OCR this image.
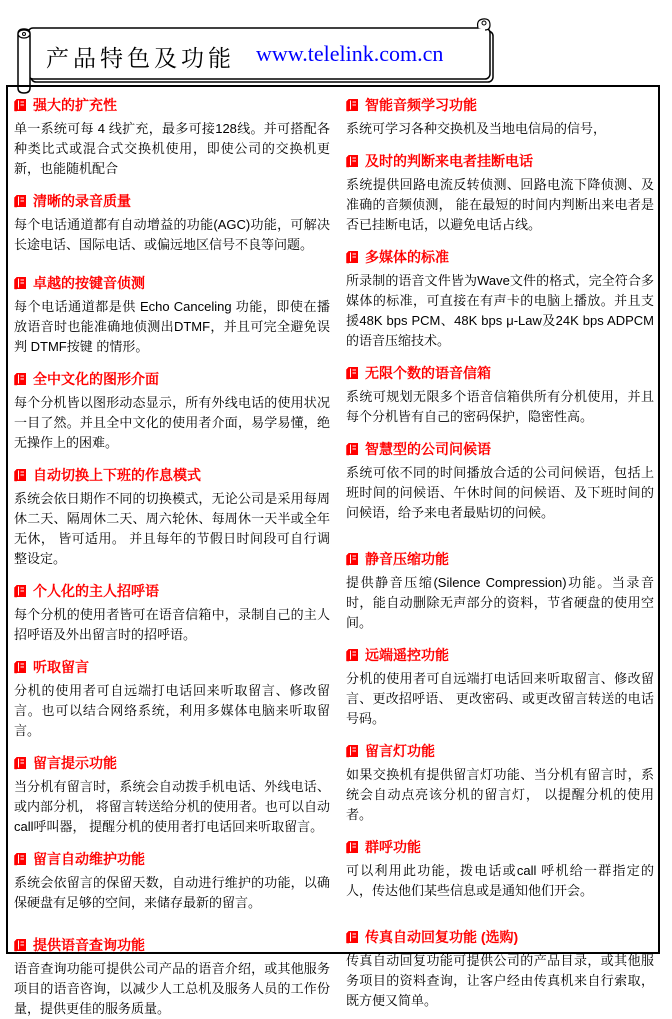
产品特色及功能 www.telelink.com.cn
强大的扩充性

单一系统可每 4 线扩充，最多可接128线。并可搭配各种类比式或混合式交换机使用，即使公司的交换机更新，也能随机配合

清晰的录音质量

每个电话通道都有自动增益的功能(AGC)功能，可解决长途电话、国际电话、或偏远地区信号不良等问题。

卓越的按键音侦测

每个电话通道都是供 Echo Canceling 功能，即使在播放语音时也能准确地侦测出DTMF，并且可完全避免误判 DTMF按键 的情形。

全中文化的图形介面

每个分机皆以图形动态显示，所有外线电话的使用状况一目了然。并且全中文化的使用者介面，易学易懂，绝无操作上的困难。

自动切换上下班的作息模式

系统会依日期作不同的切换模式，无论公司是采用每周休二天、隔周休二天、周六轮休、每周休一天半或全年无休， 皆可适用。 并且每年的节假日时间段可自行调整设定。

个人化的主人招呼语

每个分机的使用者皆可在语音信箱中，录制自己的主人招呼语及外出留言时的招呼语。

听取留言

分机的使用者可自远端打电话回来听取留言、修改留言。也可以结合网络系统，利用多媒体电脑来听取留言。

留言提示功能

当分机有留言时，系统会自动拨手机电话、外线电话、或内部分机， 将留言转送给分机的使用者。也可以自动call呼叫器， 提醒分机的使用者打电话回来听取留言。

留言自动维护功能

系统会依留言的保留天数，自动进行维护的功能，以确保硬盘有足够的空间，来储存最新的留言。

提供语音查询功能

语音查询功能可提供公司产品的语音介绍，或其他服务项目的语音咨询，以减少人工总机及服务人员的工作份量，提供更佳的服务质量。

智能音频学习功能

系统可学习各种交换机及当地电信局的信号，

及时的判断来电者挂断电话

系统提供回路电流反转侦测、回路电流下降侦测、及准确的音频侦测， 能在最短的时间内判断出来电者是否已挂断电话，以避免电话占线。

多媒体的标准

所录制的语音文件皆为Wave文件的格式，完全符合多媒体的标准，可直接在有声卡的电脑上播放。并且支援48K bps PCM、48K bps μ-Law及24K bps ADPCM的语音压缩技术。

无限个数的语音信箱

系统可规划无限多个语音信箱供所有分机使用，并且每个分机皆有自己的密码保护，隐密性高。

智慧型的公司问候语

系统可依不同的时间播放合适的公司问候语，包括上班时间的问候语、午休时间的问候语、及下班时间的问候语，给予来电者最贴切的问候。

静音压缩功能

提供静音压缩(Silence Compression)功能。当录音时，能自动删除无声部分的资料，节省硬盘的使用空间。

远端遥控功能

分机的使用者可自远端打电话回来听取留言、修改留言、更改招呼语、 更改密码、或更改留言转送的电话号码。

留言灯功能

如果交换机有提供留言灯功能、当分机有留言时，系统会自动点亮该分机的留言灯， 以提醒分机的使用者。

群呼功能

可以利用此功能，拨电话或call 呼机给一群指定的人，传达他们某些信息或是通知他们开会。

传真自动回复功能 (选购)

传真自动回复功能可提供公司的产品目录，或其他服务项目的资料查询，让客户经由传真机来自行索取， 既方便又简单。
